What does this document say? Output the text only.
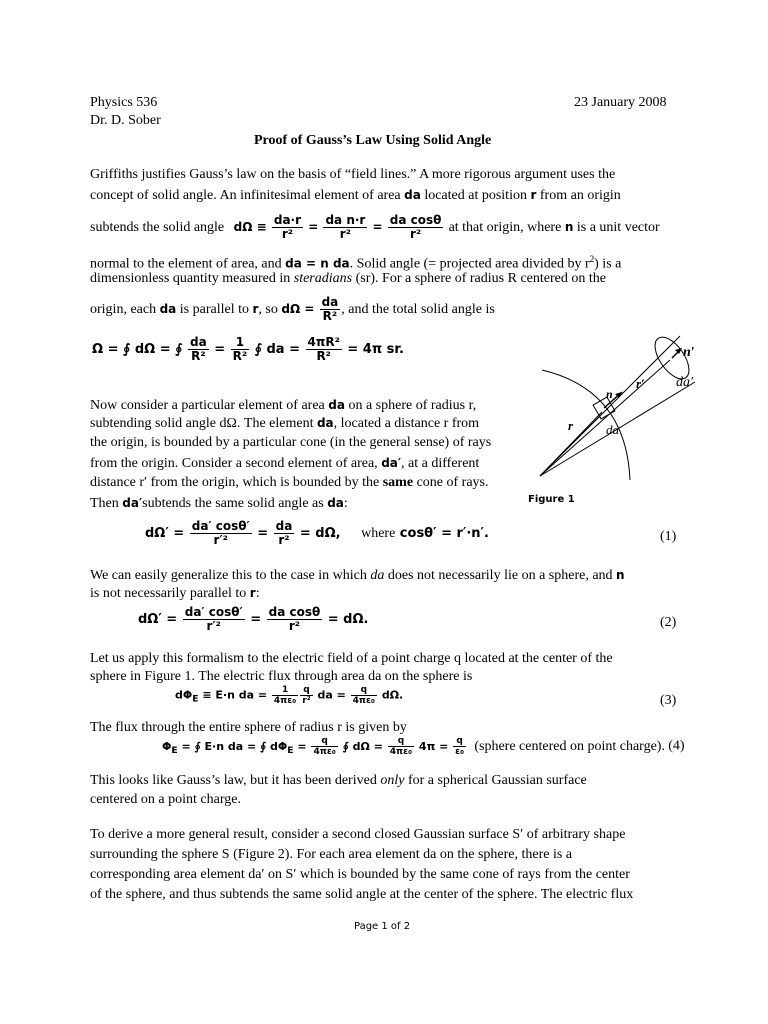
Physics 536
Dr. D. Sober
23 January 2008
Proof of Gauss’s Law Using Solid Angle
Griffiths justifies Gauss’s law on the basis of “field lines.” A more rigorous argument uses the
concept of solid angle. An infinitesimal element of area da located at position r from an origin
subtends the solid angle $d\Omega \equiv \frac{da\cdot r}{\text{r²}} = \frac{\text{da n·r}}{\text{r²}} = \frac{\text{da cosθ}}{\text{r²}}$ at that origin, where n is a unit vector
normal to the element of area, and da = n da. Solid angle (= projected area divided by $r^2$) is a
dimensionless quantity measured in steradians (sr). For a sphere of radius R centered on the
origin, each da is parallel to r, so $d\Omega = \frac{da}{\text{R²}}$ , and the total solid angle is
Ω = ∮ dΩ = ∮ $\frac{da}{\text{R²}} = \frac{1}{\text{R²}}$ ∮ da = $\frac{\text{4πR²}}{\text{R²}} = 4\pi$ sr.
Now consider a particular element of area da on a sphere of radius r,
subtending solid angle dΩ. The element da, located a distance r from
the origin, is bounded by a particular cone (in the general sense) of rays
from the origin. Consider a second element of area, da′, at a different
distance r′ from the origin, which is bounded by the same cone of rays.
Then da′subtends the same solid angle as da:
n′
da′
r′
n
r	da
Figure 1
$d\Omega' = \frac{da' \cos\theta'}{\text{r′²}} = \frac{da}{\text{r²}} = d\Omega$, where cosθ′ = r′·n′.	(1)
We can easily generalize this to the case in which da does not necessarily lie on a sphere, and n
is not necessarily parallel to r:
$d\Omega' = \frac{da' \cos\theta'}{\text{r′²}} = \frac{\text{da cosθ}}{\text{r²}} = d\Omega$.	(2)
Let us apply this formalism to the electric field of a point charge q located at the center of the
sphere in Figure 1. The electric flux through area da on the sphere is
$d\Phi_E \equiv E\cdot n$ da = $\frac{1}{\text{4πε₀}} \frac{q}{\text{r²}}$ da = $\frac{q}{\text{4πε₀}} d\Omega$.	(3)
The flux through the entire sphere of radius r is given by
$\Phi_E$ = ∮ E·n da = ∮ $d\Phi_E = \frac{q}{\text{4πε₀}}$ ∮ $d\Omega = \frac{q}{\text{4πε₀}} 4\pi = \frac{q}{\text{ε₀}}$ (sphere centered on point charge). (4)
This looks like Gauss’s law, but it has been derived only for a spherical Gaussian surface
centered on a point charge.
To derive a more general result, consider a second closed Gaussian surface S′ of arbitrary shape
surrounding the sphere S (Figure 2). For each area element da on the sphere, there is a
corresponding area element da′ on S′ which is bounded by the same cone of rays from the center
of the sphere, and thus subtends the same solid angle at the center of the sphere. The electric flux
Page 1 of 2
